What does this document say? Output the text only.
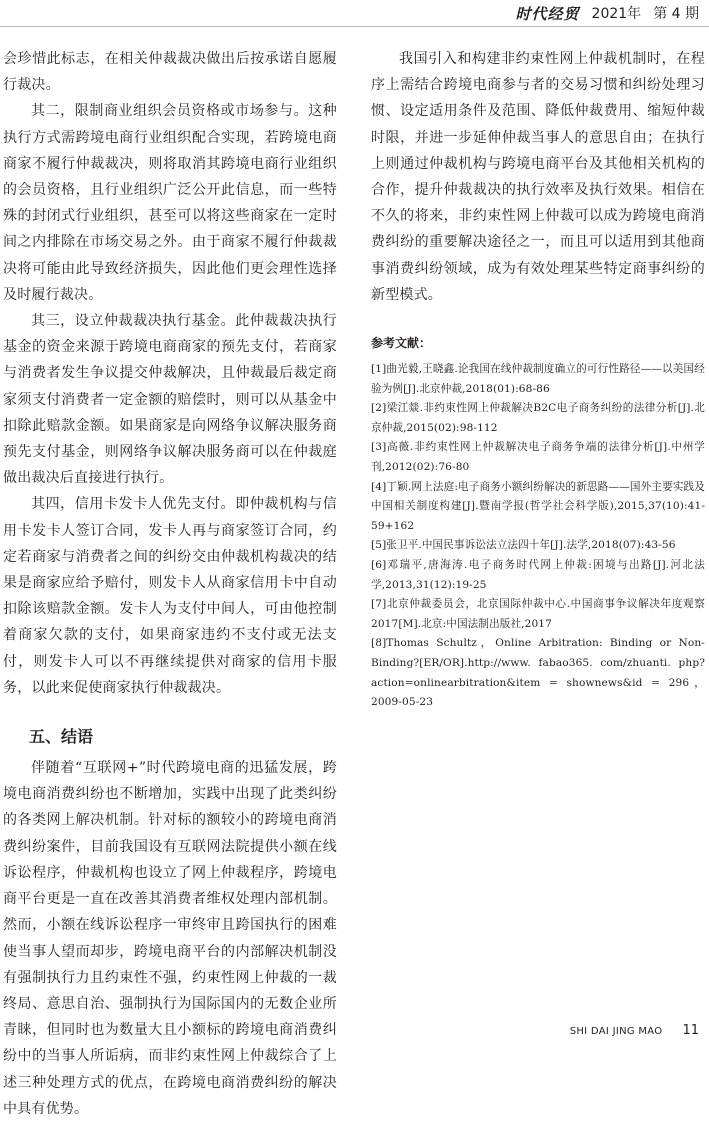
时代经贸 2021年 第 4 期

会珍惜此标志，在相关仲裁裁决做出后按承诺自愿履行裁决。

其二，限制商业组织会员资格或市场参与。这种执行方式需跨境电商行业组织配合实现，若跨境电商商家不履行仲裁裁决，则将取消其跨境电商行业组织的会员资格，且行业组织广泛公开此信息，而一些特殊的封闭式行业组织，甚至可以将这些商家在一定时间之内排除在市场交易之外。由于商家不履行仲裁裁决将可能由此导致经济损失，因此他们更会理性选择及时履行裁决。

其三，设立仲裁裁决执行基金。此仲裁裁决执行基金的资金来源于跨境电商商家的预先支付，若商家与消费者发生争议提交仲裁解决，且仲裁最后裁定商家须支付消费者一定金额的赔偿时，则可以从基金中扣除此赔款金额。如果商家是向网络争议解决服务商预先支付基金，则网络争议解决服务商可以在仲裁庭做出裁决后直接进行执行。

其四，信用卡发卡人优先支付。即仲裁机构与信用卡发卡人签订合同，发卡人再与商家签订合同，约定若商家与消费者之间的纠纷交由仲裁机构裁决的结果是商家应给予赔付，则发卡人从商家信用卡中自动扣除该赔款金额。发卡人为支付中间人，可由他控制着商家欠款的支付，如果商家违约不支付或无法支付，则发卡人可以不再继续提供对商家的信用卡服务，以此来促使商家执行仲裁裁决。

五、结语

伴随着“互联网+”时代跨境电商的迅猛发展，跨境电商消费纠纷也不断增加，实践中出现了此类纠纷的各类网上解决机制。针对标的额较小的跨境电商消费纠纷案件，目前我国设有互联网法院提供小额在线诉讼程序，仲裁机构也设立了网上仲裁程序，跨境电商平台更是一直在改善其消费者维权处理内部机制。然而，小额在线诉讼程序一审终审且跨国执行的困难使当事人望而却步，跨境电商平台的内部解决机制没有强制执行力且约束性不强，约束性网上仲裁的一裁终局、意思自治、强制执行为国际国内的无数企业所青睐，但同时也为数量大且小额标的跨境电商消费纠纷中的当事人所诟病，而非约束性网上仲裁综合了上述三种处理方式的优点，在跨境电商消费纠纷的解决中具有优势。

我国引入和构建非约束性网上仲裁机制时，在程序上需结合跨境电商参与者的交易习惯和纠纷处理习惯、设定适用条件及范围、降低仲裁费用、缩短仲裁时限，并进一步延伸仲裁当事人的意思自由；在执行上则通过仲裁机构与跨境电商平台及其他相关机构的合作，提升仲裁裁决的执行效率及执行效果。相信在不久的将来，非约束性网上仲裁可以成为跨境电商消费纠纷的重要解决途径之一，而且可以适用到其他商事消费纠纷领域，成为有效处理某些特定商事纠纷的新型模式。

参考文献：
[1]曲光毅,王晓鑫.论我国在线仲裁制度确立的可行性路径——以美国经验为例[J].北京仲裁,2018(01):68-86
[2]梁江燚.非约束性网上仲裁解决B2C电子商务纠纷的法律分析[J].北京仲裁,2015(02):98-112
[3]高薇.非约束性网上仲裁解决电子商务争端的法律分析[J].中州学刊,2012(02):76-80
[4]丁颖.网上法庭:电子商务小额纠纷解决的新思路——国外主要实践及中国相关制度构建[J].暨南学报(哲学社会科学版),2015,37(10):41-59+162
[5]张卫平.中国民事诉讼法立法四十年[J].法学,2018(07):43-56
[6]邓瑞平,唐海涛.电子商务时代网上仲裁:困境与出路[J].河北法学,2013,31(12):19-25
[7]北京仲裁委员会，北京国际仲裁中心.中国商事争议解决年度观察2017[M].北京:中国法制出版社,2017
[8]Thomas Schultz，Online Arbitration: Binding or Non-Binding?[ER/OR].http://www. fabao365. com/zhuanti. php? action=onlinearbitration&item = shownews&id = 296，2009-05-23
SHI DAI JING MAO 11
